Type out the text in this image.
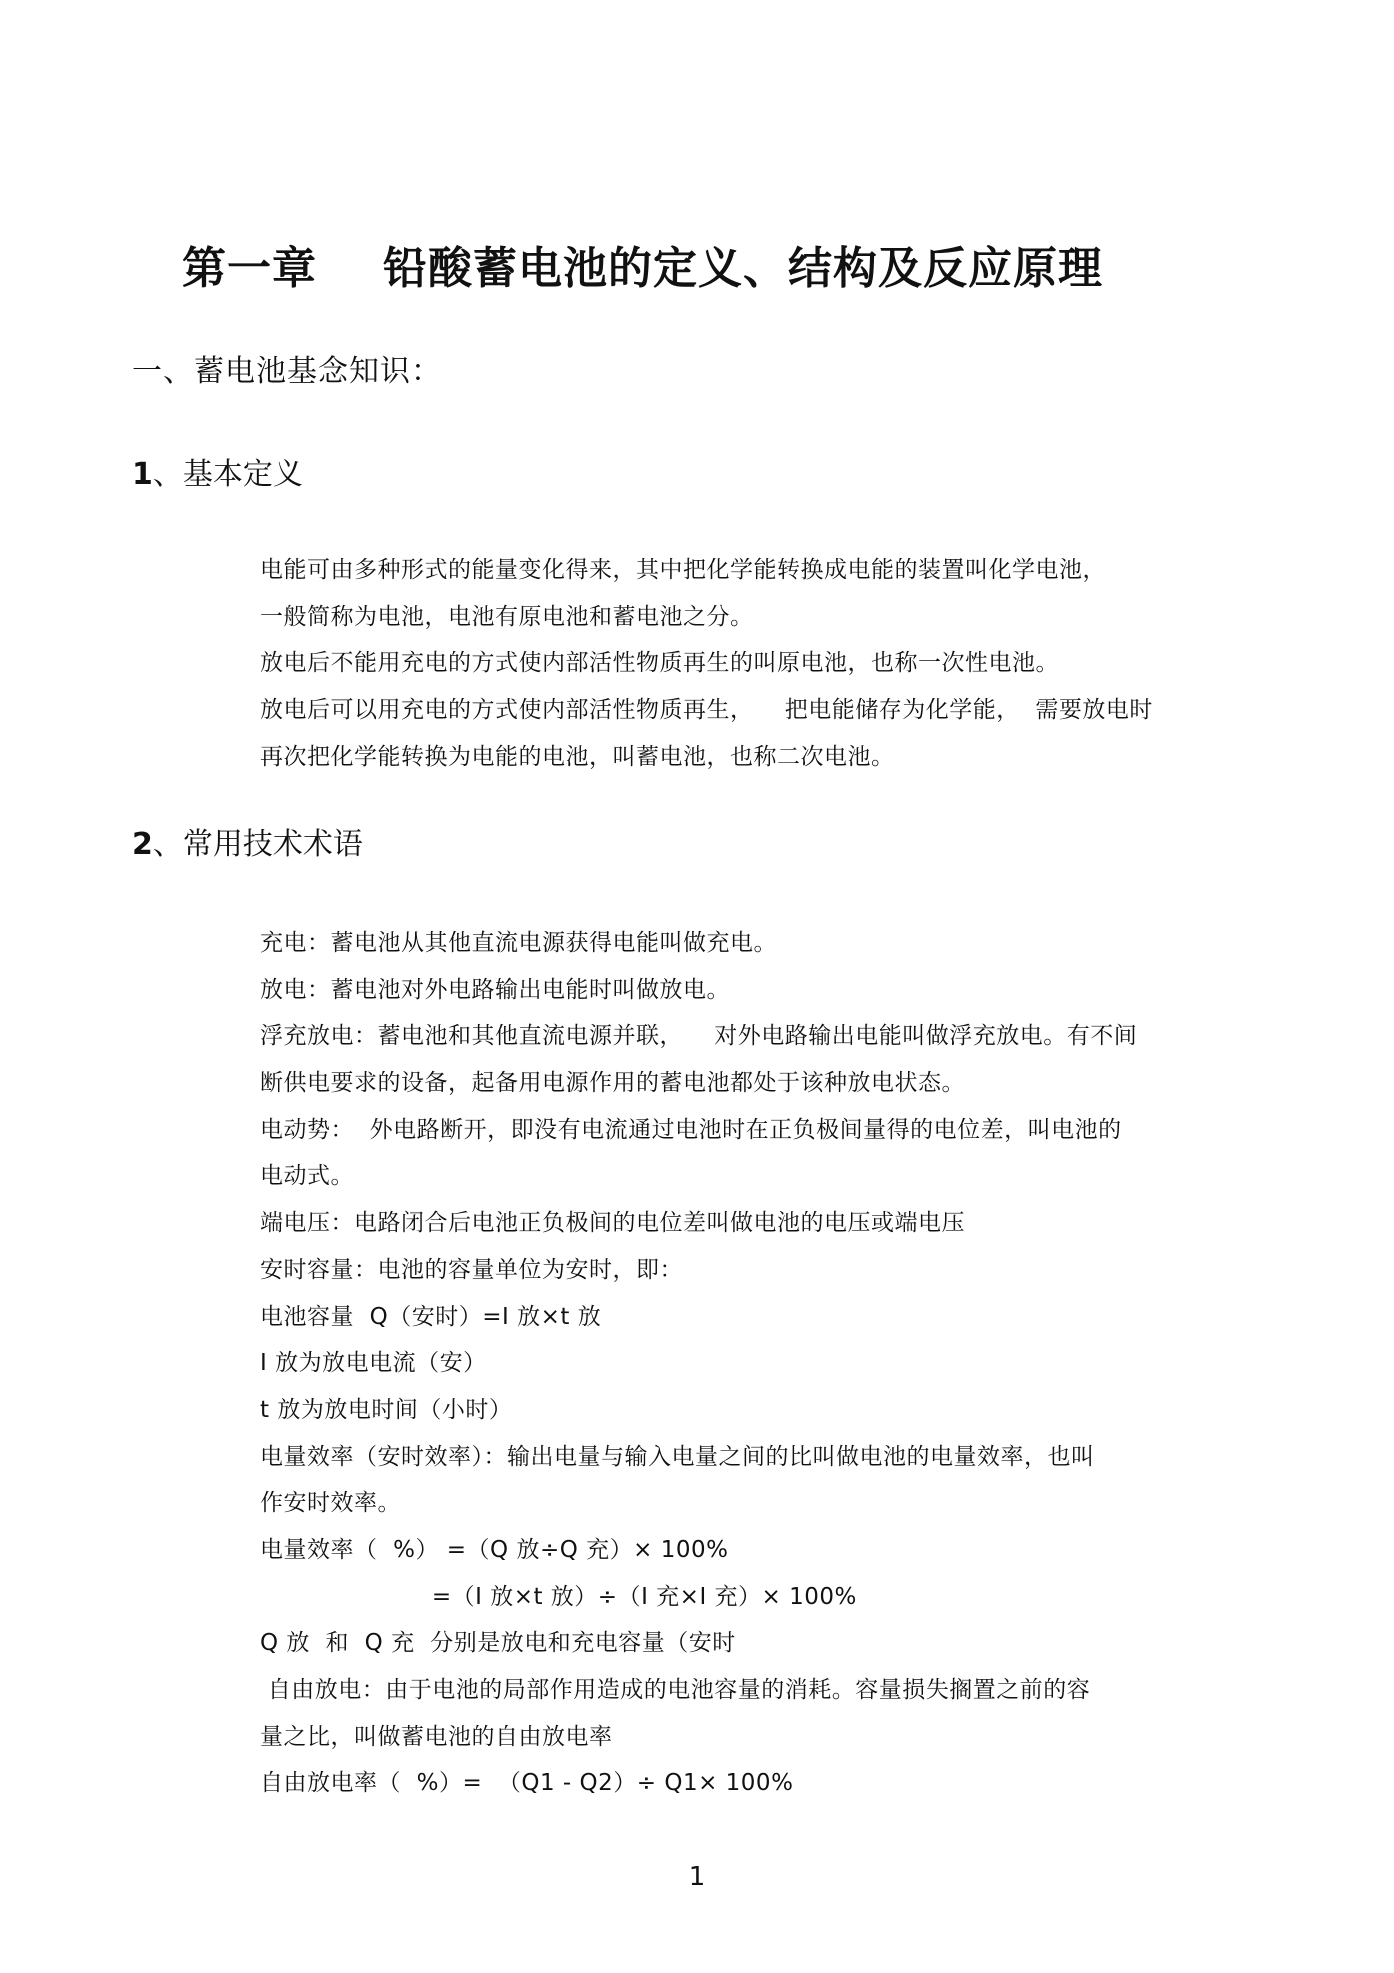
第一章 铅酸蓄电池的定义、结构及反应原理
一、蓄电池基念知识：
1、基本定义
电能可由多种形式的能量变化得来，其中把化学能转换成电能的装置叫化学电池，
一般简称为电池，电池有原电池和蓄电池之分。
放电后不能用充电的方式使内部活性物质再生的叫原电池，也称一次性电池。
放电后可以用充电的方式使内部活性物质再生，    把电能储存为化学能，  需要放电时
再次把化学能转换为电能的电池，叫蓄电池，也称二次电池。
2、常用技术术语
充电：蓄电池从其他直流电源获得电能叫做充电。
放电：蓄电池对外电路输出电能时叫做放电。
浮充放电：蓄电池和其他直流电源并联，    对外电路输出电能叫做浮充放电。有不间
断供电要求的设备，起备用电源作用的蓄电池都处于该种放电状态。
电动势：  外电路断开，即没有电流通过电池时在正负极间量得的电位差，叫电池的
电动式。
端电压：电路闭合后电池正负极间的电位差叫做电池的电压或端电压
安时容量：电池的容量单位为安时，即：
电池容量  Q（安时）=I 放×t 放
I 放为放电电流（安）
t 放为放电时间（小时）
电量效率（安时效率）：输出电量与输入电量之间的比叫做电池的电量效率，也叫
作安时效率。
电量效率（  %） =（Q 放÷Q 充）× 100%
=（I 放×t 放）÷（I 充×I 充）× 100%
Q 放  和  Q 充  分别是放电和充电容量（安时
自由放电：由于电池的局部作用造成的电池容量的消耗。容量损失搁置之前的容
量之比，叫做蓄电池的自由放电率
自由放电率（  %）=  （Q1 - Q2）÷ Q1× 100%
1
